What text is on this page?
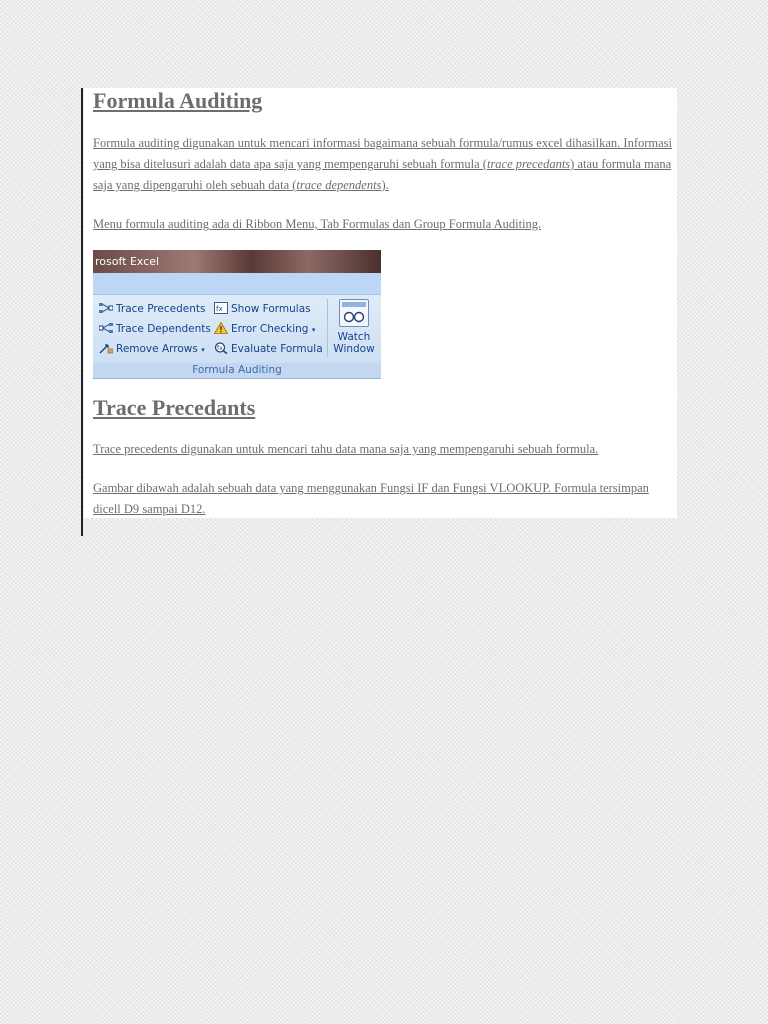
Formula Auditing

Formula auditing digunakan untuk mencari informasi bagaimana sebuah formula/rumus excel dihasilkan. Informasi yang bisa ditelusuri adalah data apa saja yang mempengaruhi sebuah formula (trace precedants) atau formula mana saja yang dipengaruhi oleh sebuah data (trace dependents).

Menu formula auditing ada di Ribbon Menu, Tab Formulas dan Group Formula Auditing.

Trace Precedants

Trace precedents digunakan untuk mencari tahu data mana saja yang mempengaruhi sebuah formula.

Gambar dibawah adalah sebuah data yang menggunakan Fungsi IF dan Fungsi VLOOKUP. Formula tersimpan dicell D9 sampai D12.

rosoft Excel
Trace Precedents
Trace Dependents
Remove Arrows ▾
fx Show Formulas
Error Checking ▾
fx Evaluate Formula
Watch
Window
Formula Auditing
